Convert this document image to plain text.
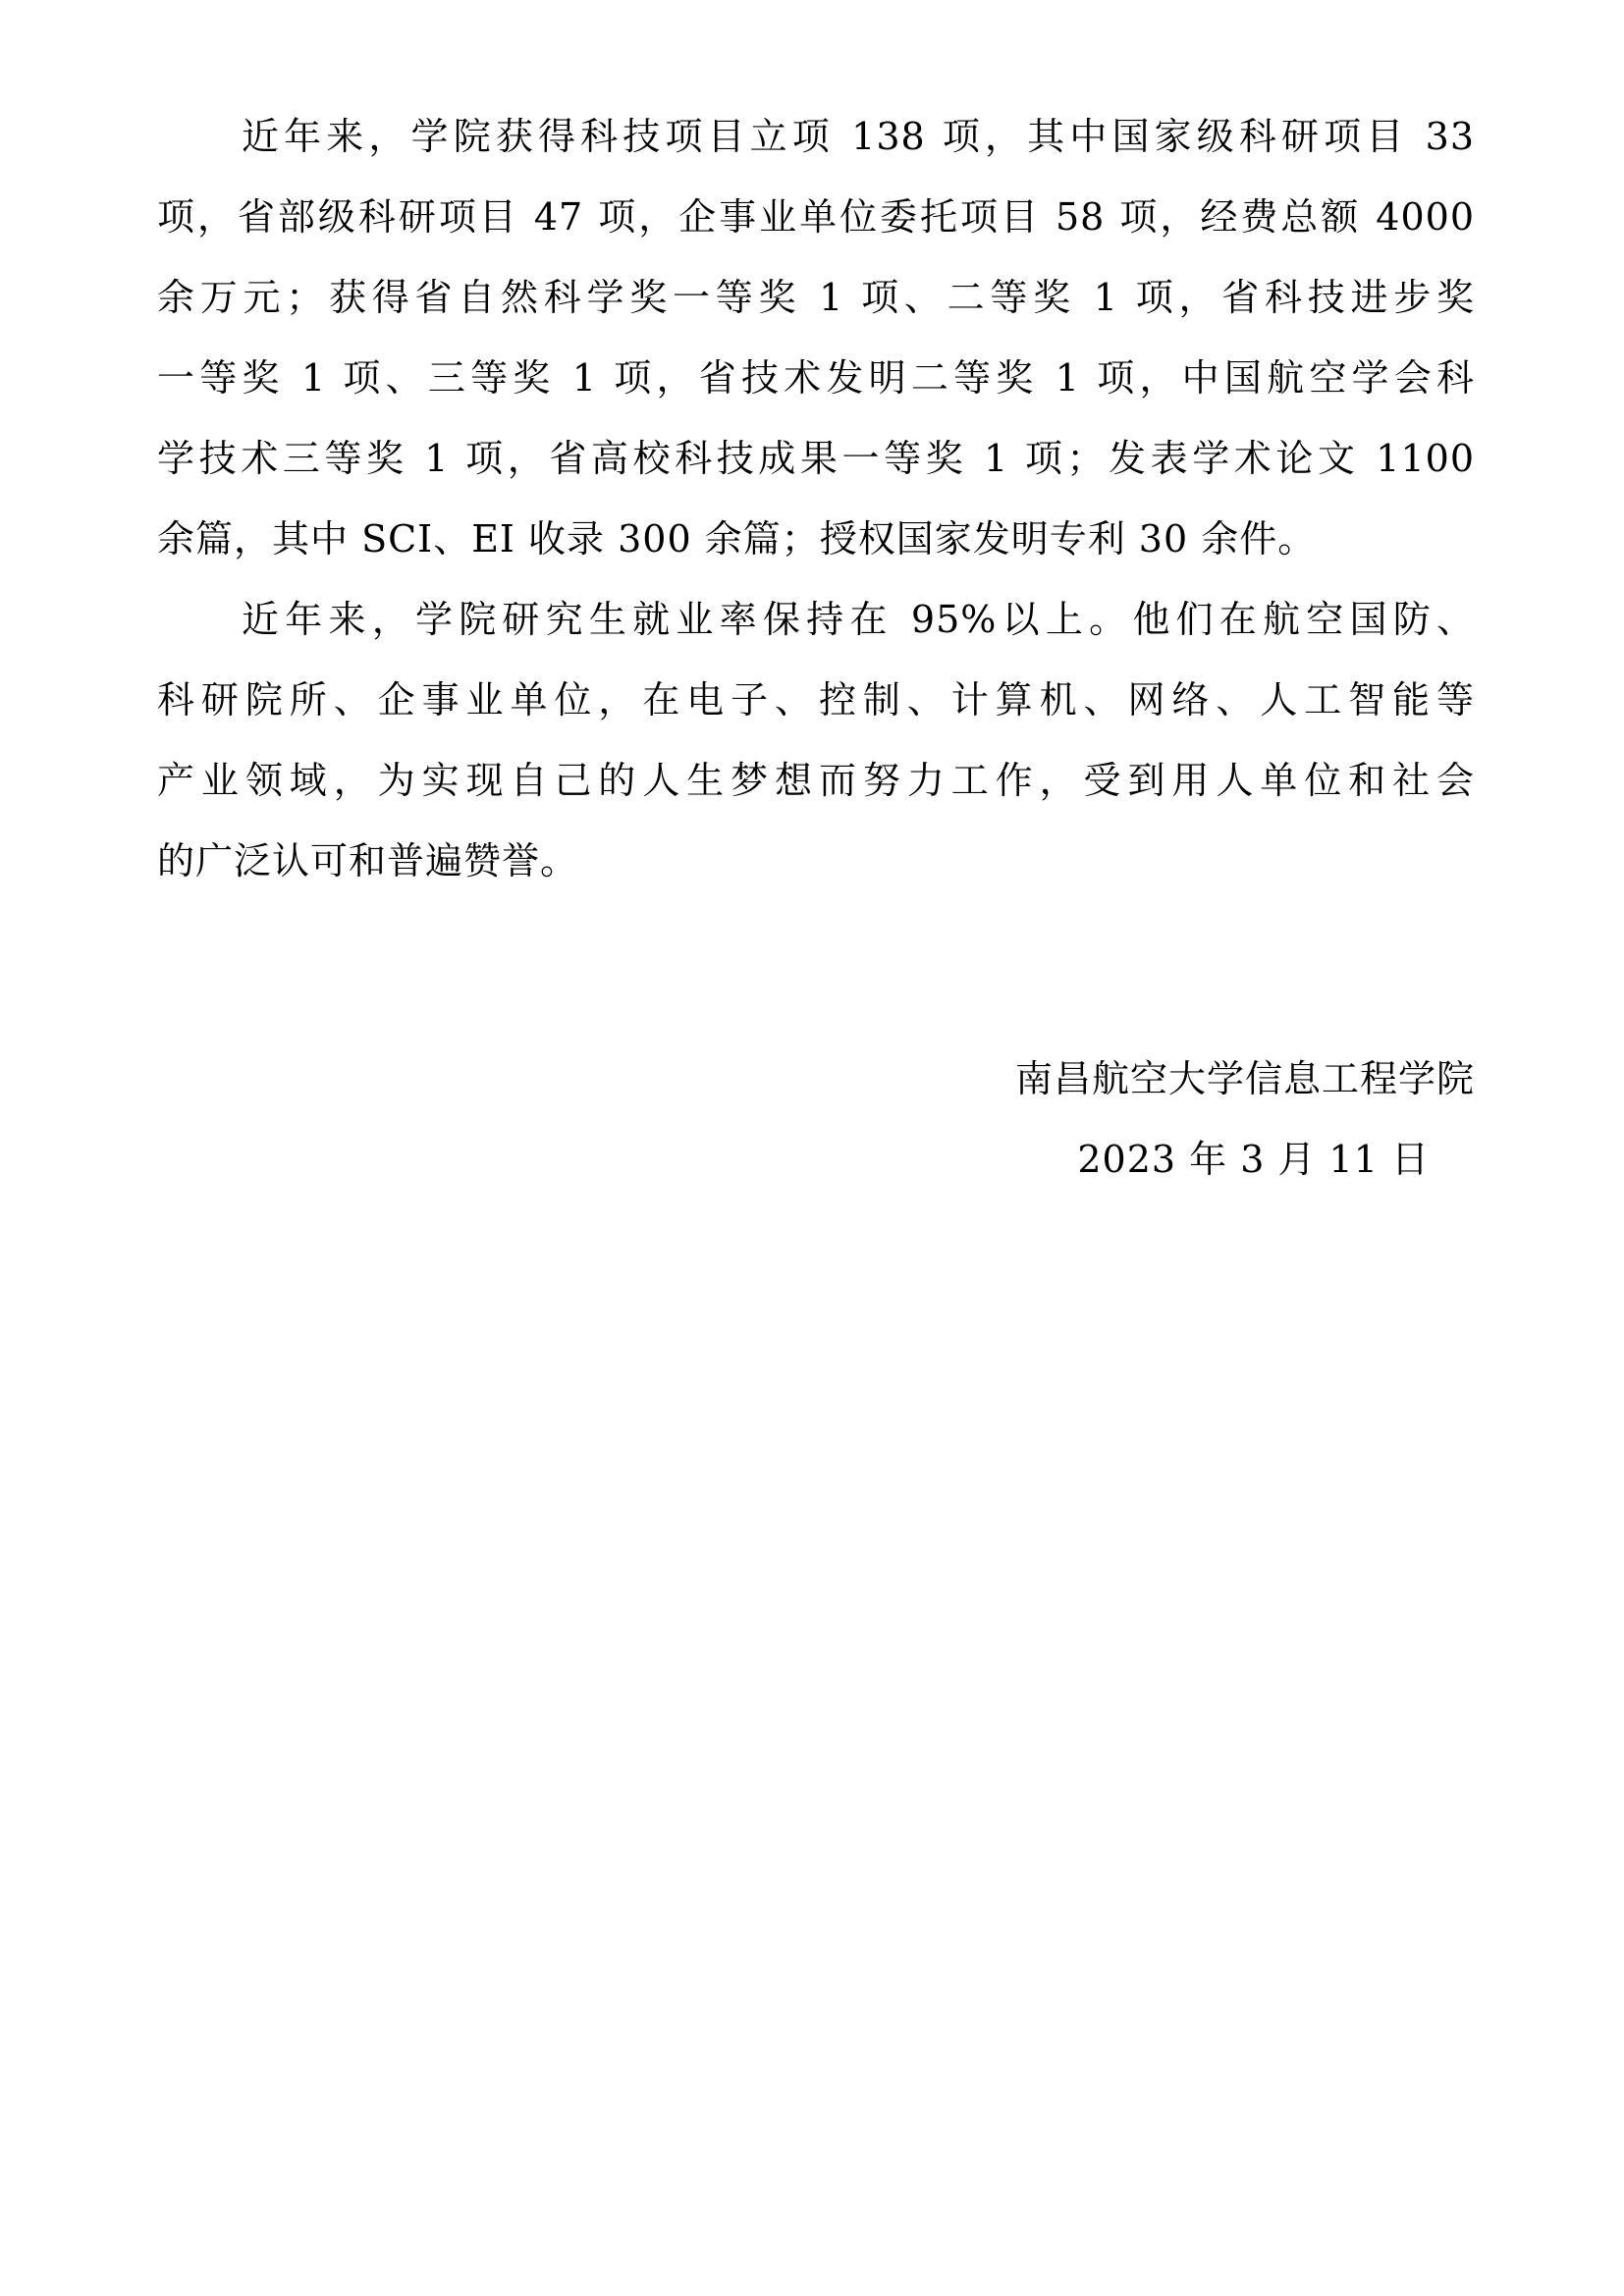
近年来，学院获得科技项目立项 138 项，其中国家级科研项目 33
项，省部级科研项目 47 项，企事业单位委托项目 58 项，经费总额 4000
余万元；获得省自然科学奖一等奖 1 项、二等奖 1 项，省科技进步奖
一等奖 1 项、三等奖 1 项，省技术发明二等奖 1 项，中国航空学会科
学技术三等奖 1 项，省高校科技成果一等奖 1 项；发表学术论文 1100
余篇，其中 SCI、EI 收录 300 余篇；授权国家发明专利 30 余件。
近年来，学院研究生就业率保持在 95%以上。他们在航空国防、
科研院所、企事业单位，在电子、控制、计算机、网络、人工智能等
产业领域，为实现自己的人生梦想而努力工作，受到用人单位和社会
的广泛认可和普遍赞誉。
南昌航空大学信息工程学院
2023 年 3 月 11 日
